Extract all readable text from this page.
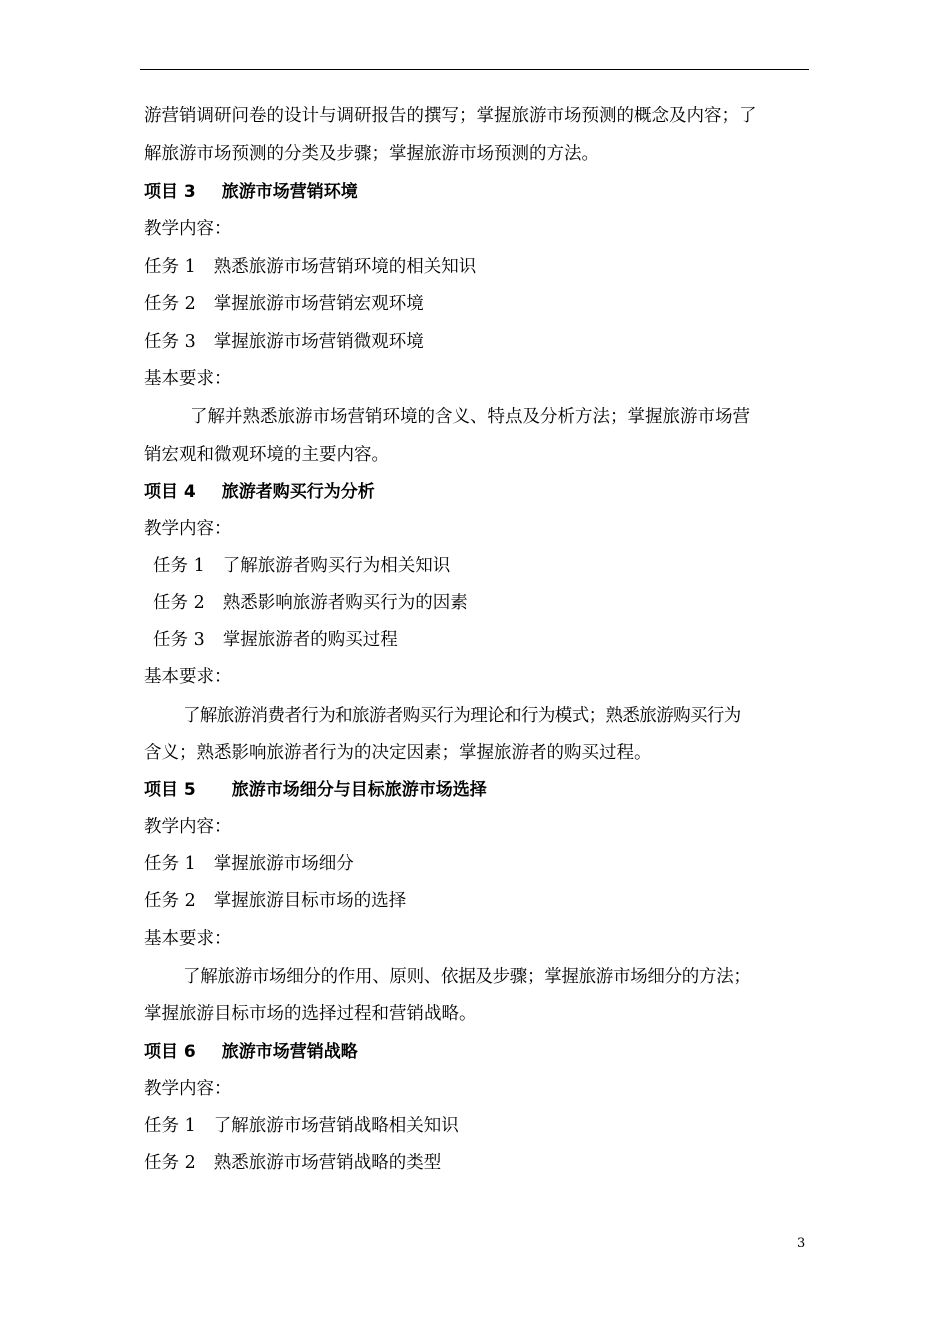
游营销调研问卷的设计与调研报告的撰写；掌握旅游市场预测的概念及内容；了
解旅游市场预测的分类及步骤；掌握旅游市场预测的方法。
项目 3 旅游市场营销环境
教学内容：
任务 1 熟悉旅游市场营销环境的相关知识
任务 2 掌握旅游市场营销宏观环境
任务 3 掌握旅游市场营销微观环境
基本要求：
了解并熟悉旅游市场营销环境的含义、特点及分析方法；掌握旅游市场营
销宏观和微观环境的主要内容。
项目 4 旅游者购买行为分析
教学内容：
任务 1 了解旅游者购买行为相关知识
任务 2 熟悉影响旅游者购买行为的因素
任务 3 掌握旅游者的购买过程
基本要求：
了解旅游消费者行为和旅游者购买行为理论和行为模式；熟悉旅游购买行为
含义；熟悉影响旅游者行为的决定因素；掌握旅游者的购买过程。
项目 5 旅游市场细分与目标旅游市场选择
教学内容：
任务 1 掌握旅游市场细分
任务 2 掌握旅游目标市场的选择
基本要求：
了解旅游市场细分的作用、原则、依据及步骤；掌握旅游市场细分的方法；
掌握旅游目标市场的选择过程和营销战略。
项目 6 旅游市场营销战略
教学内容：
任务 1 了解旅游市场营销战略相关知识
任务 2 熟悉旅游市场营销战略的类型
3
